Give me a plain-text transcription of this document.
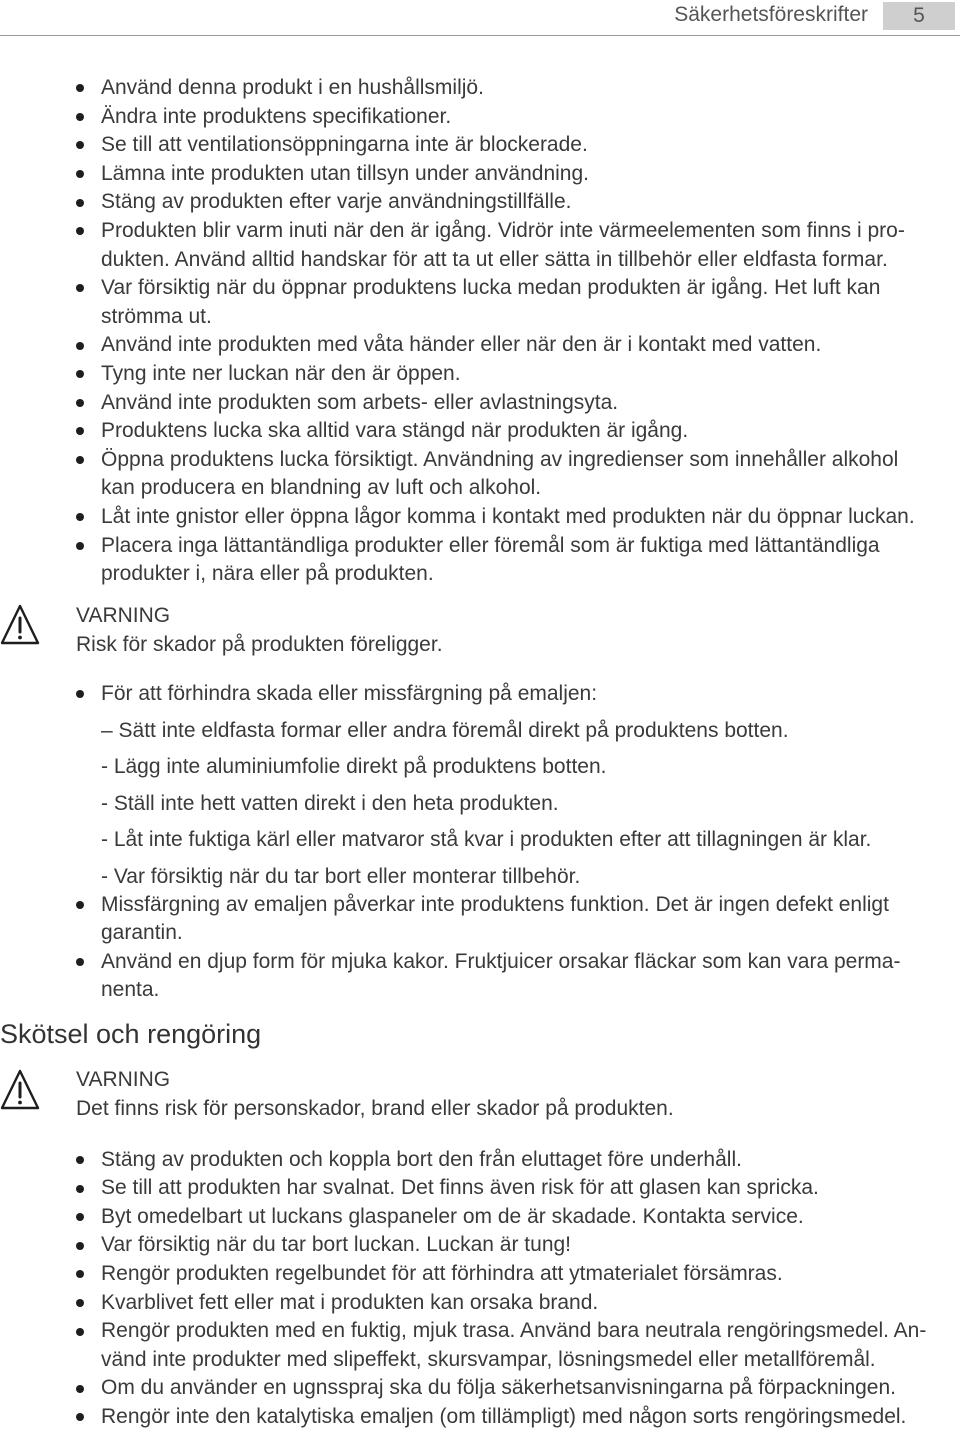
Säkerhetsföreskrifter	5
Använd denna produkt i en hushållsmiljö.
Ändra inte produktens specifikationer.
Se till att ventilationsöppningarna inte är blockerade.
Lämna inte produkten utan tillsyn under användning.
Stäng av produkten efter varje användningstillfälle.
Produkten blir varm inuti när den är igång. Vidrör inte värmeelementen som finns i pro-
dukten. Använd alltid handskar för att ta ut eller sätta in tillbehör eller eldfasta formar.
Var försiktig när du öppnar produktens lucka medan produkten är igång. Het luft kan
strömma ut.
Använd inte produkten med våta händer eller när den är i kontakt med vatten.
Tyng inte ner luckan när den är öppen.
Använd inte produkten som arbets- eller avlastningsyta.
Produktens lucka ska alltid vara stängd när produkten är igång.
Öppna produktens lucka försiktigt. Användning av ingredienser som innehåller alkohol
kan producera en blandning av luft och alkohol.
Låt inte gnistor eller öppna lågor komma i kontakt med produkten när du öppnar luckan.
Placera inga lättantändliga produkter eller föremål som är fuktiga med lättantändliga
produkter i, nära eller på produkten.
VARNING
Risk för skador på produkten föreligger.
För att förhindra skada eller missfärgning på emaljen:
– Sätt inte eldfasta formar eller andra föremål direkt på produktens botten.
- Lägg inte aluminiumfolie direkt på produktens botten.
- Ställ inte hett vatten direkt i den heta produkten.
- Låt inte fuktiga kärl eller matvaror stå kvar i produkten efter att tillagningen är klar.
- Var försiktig när du tar bort eller monterar tillbehör.
Missfärgning av emaljen påverkar inte produktens funktion. Det är ingen defekt enligt
garantin.
Använd en djup form för mjuka kakor. Fruktjuicer orsakar fläckar som kan vara perma-
nenta.
Skötsel och rengöring
VARNING
Det finns risk för personskador, brand eller skador på produkten.
Stäng av produkten och koppla bort den från eluttaget före underhåll.
Se till att produkten har svalnat. Det finns även risk för att glasen kan spricka.
Byt omedelbart ut luckans glaspaneler om de är skadade. Kontakta service.
Var försiktig när du tar bort luckan. Luckan är tung!
Rengör produkten regelbundet för att förhindra att ytmaterialet försämras.
Kvarblivet fett eller mat i produkten kan orsaka brand.
Rengör produkten med en fuktig, mjuk trasa. Använd bara neutrala rengöringsmedel. An-
vänd inte produkter med slipeffekt, skursvampar, lösningsmedel eller metallföremål.
Om du använder en ugnsspraj ska du följa säkerhetsanvisningarna på förpackningen.
Rengör inte den katalytiska emaljen (om tillämpligt) med någon sorts rengöringsmedel.
